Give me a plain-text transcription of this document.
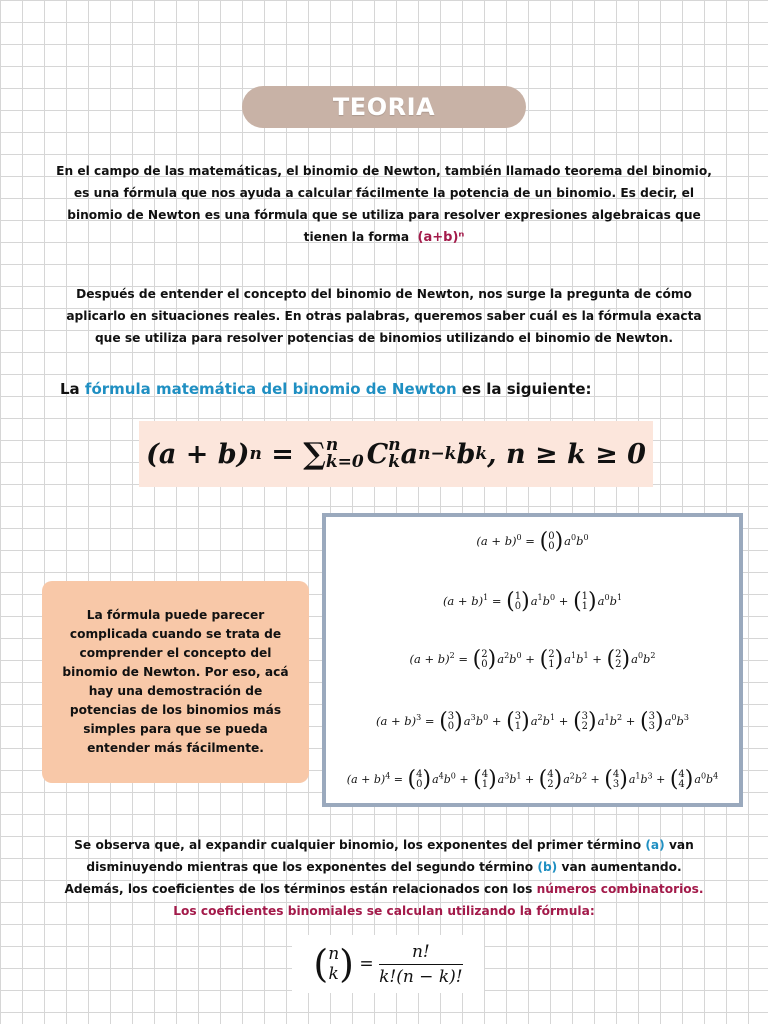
TEORIA
En el campo de las matemáticas, el binomio de Newton, también llamado teorema del binomio,
es una fórmula que nos ayuda a calcular fácilmente la potencia de un binomio. Es decir, el
binomio de Newton es una fórmula que se utiliza para resolver expresiones algebraicas que
tienen la forma (a+b)ⁿ
Después de entender el concepto del binomio de Newton, nos surge la pregunta de cómo
aplicarlo en situaciones reales. En otras palabras, queremos saber cuál es la fórmula exacta
que se utiliza para resolver potencias de binomios utilizando el binomio de Newton.
La fórmula matemática del binomio de Newton es la siguiente:
(a + b) n
=
∑ n
k=0 C n
k a n−k b k , n ≥ k ≥ 0
$(a + b)^0$ = ( 0
0 ) $a^0b^0$
$(a + b)^1$ = ( 1
0 ) $a^1b^0$ + ( 1
1 ) $a^0b^1$
$(a + b)^2$ = ( 2
0 ) $a^2b^0$ + ( 2
1 ) $a^1b^1$ + ( 2
2 ) $a^0b^2$
$(a + b)^3$ = ( 3
0 ) $a^3b^0$ + ( 3
1 ) $a^2b^1$ + ( 3
2 ) $a^1b^2$ + ( 3
3 ) $a^0b^3$
$(a + b)^4$ = ( 4
0 ) $a^4b^0$ + ( 4
1 ) $a^3b^1$ + ( 4
2 ) $a^2b^2$ + ( 4
3 ) $a^1b^3$ + ( 4
4 ) $a^0b^4$

La fórmula puede parecer complicada cuando se trata de comprender el concepto del binomio de Newton. Por eso, acá hay una demostración de potencias de los binomios más simples para que se pueda entender más fácilmente.

Se observa que, al expandir cualquier binomio, los exponentes del primer término (a) van
disminuyendo mientras que los exponentes del segundo término (b) van aumentando.
Además, los coeficientes de los términos están relacionados con los números combinatorios.
Los coeficientes binomiales se calculan utilizando la fórmula:
( n
k ) =
n!
k!(n − k)!
